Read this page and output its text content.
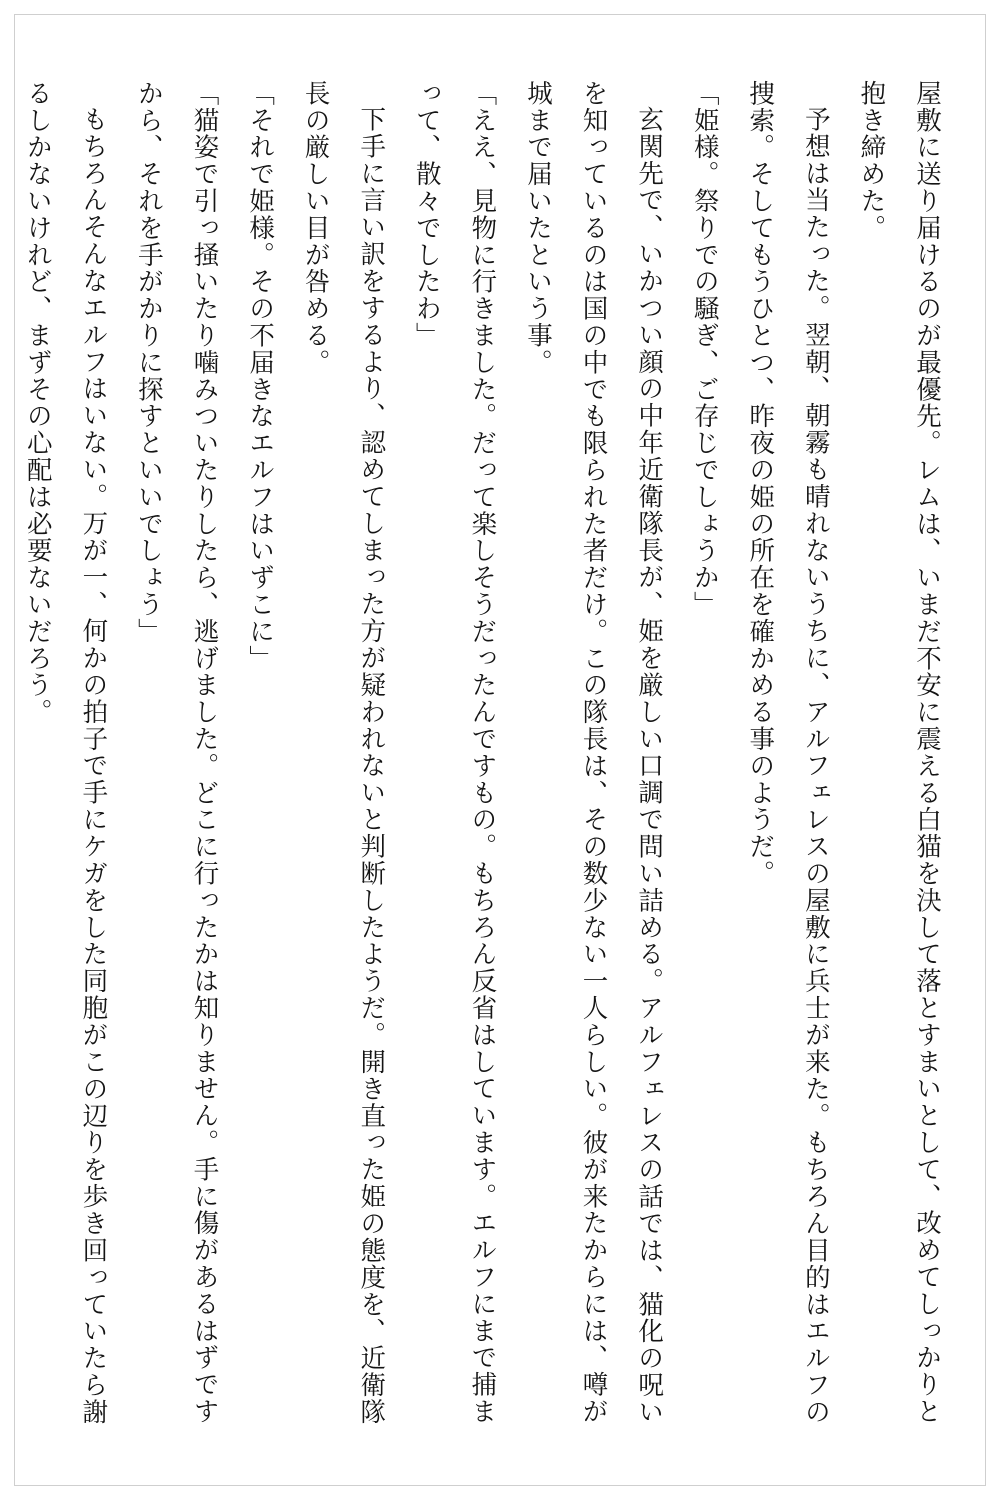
屋敷に送り届けるのが最優先。レムは、いまだ不安に震える白猫を決して落とすまいとして、改めてしっかりと抱き締めた。

予想は当たった。翌朝、朝霧も晴れないうちに、アルフェレスの屋敷に兵士が来た。もちろん目的はエルフの捜索。そしてもうひとつ、昨夜の姫の所在を確かめる事のようだ。

「姫様。祭りでの騒ぎ、ご存じでしょうか」

玄関先で、いかつい顔の中年近衛隊長が、姫を厳しい口調で問い詰める。アルフェレスの話では、猫化の呪いを知っているのは国の中でも限られた者だけ。この隊長は、その数少ない一人らしい。彼が来たからには、噂が城まで届いたという事。

「ええ、見物に行きました。だって楽しそうだったんですもの。もちろん反省はしています。エルフにまで捕まって、散々でしたわ」

下手に言い訳をするより、認めてしまった方が疑われないと判断したようだ。開き直った姫の態度を、近衛隊長の厳しい目が咎める。

「それで姫様。その不届きなエルフはいずこに」

「猫姿で引っ掻いたり噛みついたりしたら、逃げました。どこに行ったかは知りません。手に傷があるはずですから、それを手がかりに探すといいでしょう」

もちろんそんなエルフはいない。万が一、何かの拍子で手にケガをした同胞がこの辺りを歩き回っていたら謝るしかないけれど、まずその心配は必要ないだろう。
